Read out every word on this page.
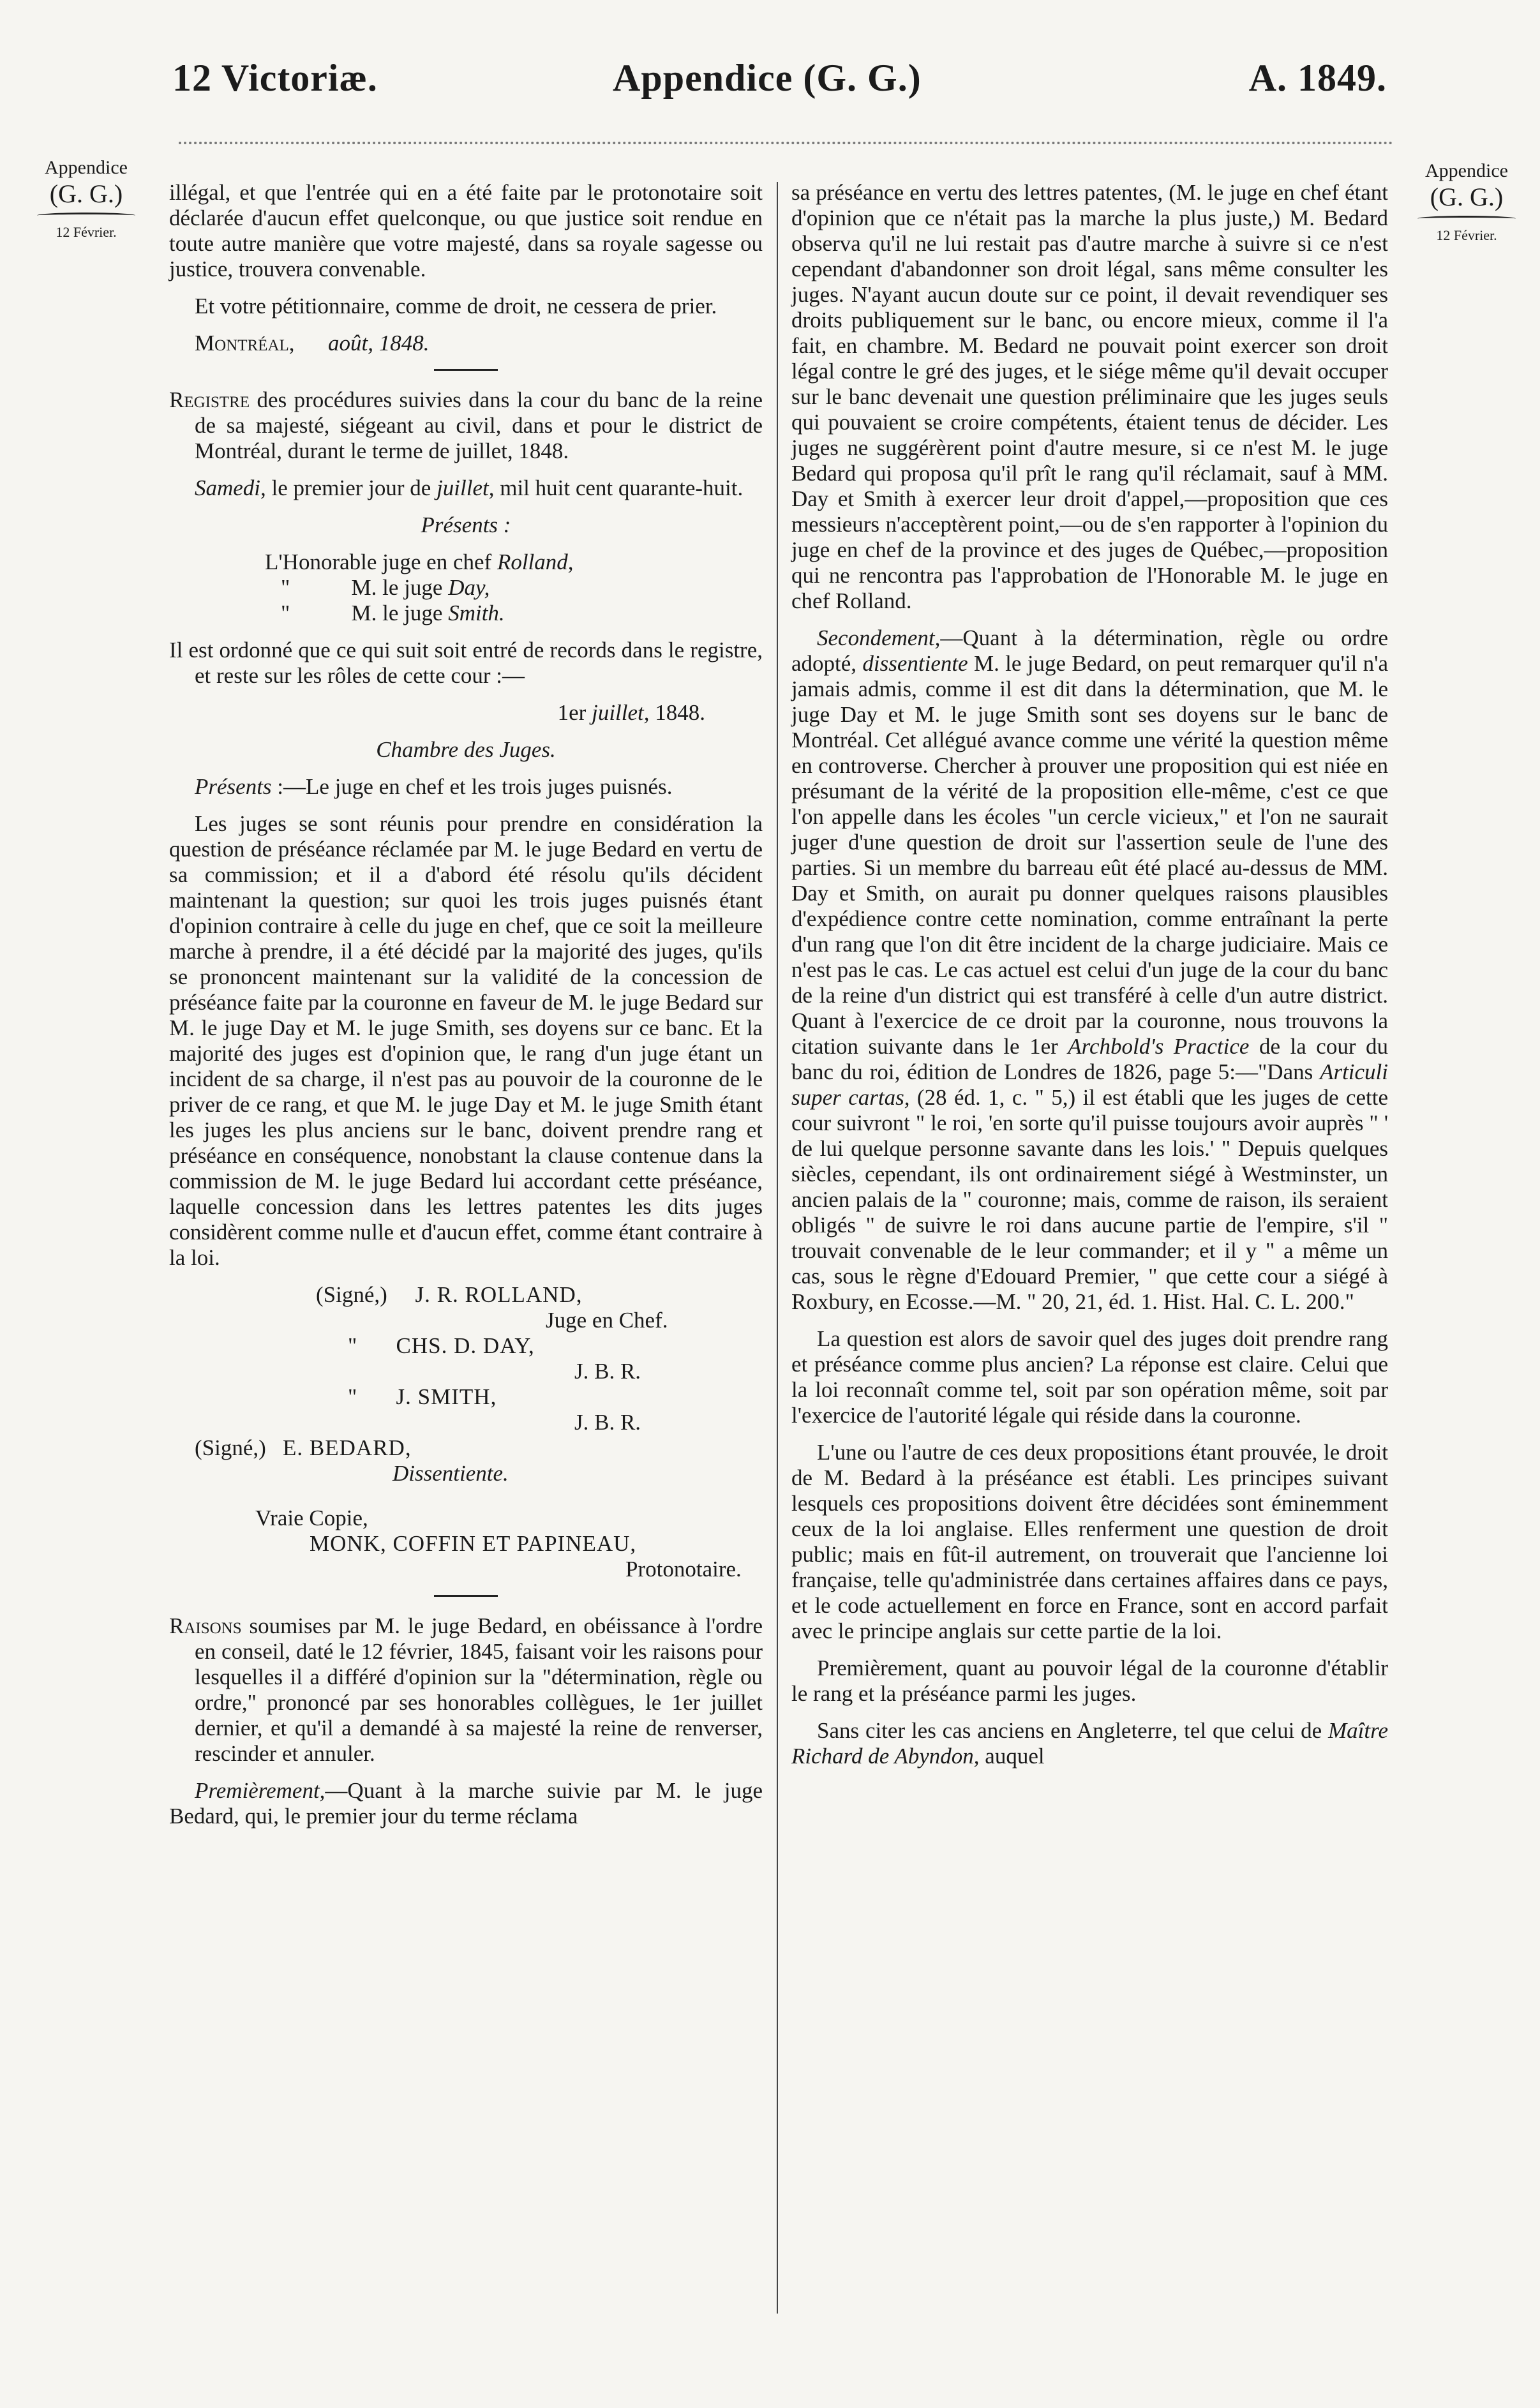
12 Victoriæ.	Appendice (G. G.)	A. 1849.
Appendice
(G. G.)
12 Février.
Appendice
(G. G.)
12 Février.

illégal, et que l'entrée qui en a été faite par le protonotaire soit déclarée d'aucun effet quelconque, ou que justice soit rendue en toute autre manière que votre majesté, dans sa royale sagesse ou justice, trouvera convenable.

Et votre pétitionnaire, comme de droit, ne cessera de prier.

Montréal, août, 1848.

Registre des procédures suivies dans la cour du banc de la reine de sa majesté, siégeant au civil, dans et pour le district de Montréal, durant le terme de juillet, 1848.

Samedi, le premier jour de juillet, mil huit cent quarante-huit.

Présents :

L'Honorable juge en chef Rolland,

"           M. le juge Day,

"           M. le juge Smith.

Il est ordonné que ce qui suit soit entré de records dans le registre, et reste sur les rôles de cette cour :—

1er juillet, 1848.

Chambre des Juges.

Présents :—Le juge en chef et les trois juges puisnés.

Les juges se sont réunis pour prendre en considération la question de préséance réclamée par M. le juge Bedard en vertu de sa commission; et il a d'abord été résolu qu'ils décident maintenant la question; sur quoi les trois juges puisnés étant d'opinion contraire à celle du juge en chef, que ce soit la meilleure marche à prendre, il a été décidé par la majorité des juges, qu'ils se prononcent maintenant sur la validité de la concession de préséance faite par la couronne en faveur de M. le juge Bedard sur M. le juge Day et M. le juge Smith, ses doyens sur ce banc. Et la majorité des juges est d'opinion que, le rang d'un juge étant un incident de sa charge, il n'est pas au pouvoir de la couronne de le priver de ce rang, et que M. le juge Day et M. le juge Smith étant les juges les plus anciens sur le banc, doivent prendre rang et préséance en conséquence, nonobstant la clause contenue dans la commission de M. le juge Bedard lui accordant cette préséance, laquelle concession dans les lettres patentes les dits juges considèrent comme nulle et d'aucun effet, comme étant contraire à la loi.

(Signé,) J. R. ROLLAND,
Juge en Chef.
" CHS. D. DAY,
J. B. R.
" J. SMITH,
J. B. R.
(Signé,) E. BEDARD,
Dissentiente.
Vraie Copie,
MONK, COFFIN ET PAPINEAU,
Protonotaire.

Raisons soumises par M. le juge Bedard, en obéissance à l'ordre en conseil, daté le 12 février, 1845, faisant voir les raisons pour lesquelles il a différé d'opinion sur la "détermination, règle ou ordre," prononcé par ses honorables collègues, le 1er juillet dernier, et qu'il a demandé à sa majesté la reine de renverser, rescinder et annuler.

Premièrement,—Quant à la marche suivie par M. le juge Bedard, qui, le premier jour du terme réclama

sa préséance en vertu des lettres patentes, (M. le juge en chef étant d'opinion que ce n'était pas la marche la plus juste,) M. Bedard observa qu'il ne lui restait pas d'autre marche à suivre si ce n'est cependant d'abandonner son droit légal, sans même consulter les juges. N'ayant aucun doute sur ce point, il devait revendiquer ses droits publiquement sur le banc, ou encore mieux, comme il l'a fait, en chambre. M. Bedard ne pouvait point exercer son droit légal contre le gré des juges, et le siége même qu'il devait occuper sur le banc devenait une question préliminaire que les juges seuls qui pouvaient se croire compétents, étaient tenus de décider. Les juges ne suggérèrent point d'autre mesure, si ce n'est M. le juge Bedard qui proposa qu'il prît le rang qu'il réclamait, sauf à MM. Day et Smith à exercer leur droit d'appel,—proposition que ces messieurs n'acceptèrent point,—ou de s'en rapporter à l'opinion du juge en chef de la province et des juges de Québec,—proposition qui ne rencontra pas l'approbation de l'Honorable M. le juge en chef Rolland.

Secondement,—Quant à la détermination, règle ou ordre adopté, dissentiente M. le juge Bedard, on peut remarquer qu'il n'a jamais admis, comme il est dit dans la détermination, que M. le juge Day et M. le juge Smith sont ses doyens sur le banc de Montréal. Cet allégué avance comme une vérité la question même en controverse. Chercher à prouver une proposition qui est niée en présumant de la vérité de la proposition elle-même, c'est ce que l'on appelle dans les écoles "un cercle vicieux," et l'on ne saurait juger d'une question de droit sur l'assertion seule de l'une des parties. Si un membre du barreau eût été placé au-dessus de MM. Day et Smith, on aurait pu donner quelques raisons plausibles d'expédience contre cette nomination, comme entraînant la perte d'un rang que l'on dit être incident de la charge judiciaire. Mais ce n'est pas le cas. Le cas actuel est celui d'un juge de la cour du banc de la reine d'un district qui est transféré à celle d'un autre district. Quant à l'exercice de ce droit par la couronne, nous trouvons la citation suivante dans le 1er Archbold's Practice de la cour du banc du roi, édition de Londres de 1826, page 5:—"Dans Articuli super cartas, (28 éd. 1, c. " 5,) il est établi que les juges de cette cour suivront " le roi, 'en sorte qu'il puisse toujours avoir auprès " ' de lui quelque personne savante dans les lois.' " Depuis quelques siècles, cependant, ils ont ordinairement siégé à Westminster, un ancien palais de la " couronne; mais, comme de raison, ils seraient obligés " de suivre le roi dans aucune partie de l'empire, s'il " trouvait convenable de le leur commander; et il y " a même un cas, sous le règne d'Edouard Premier, " que cette cour a siégé à Roxbury, en Ecosse.—M. " 20, 21, éd. 1. Hist. Hal. C. L. 200."

La question est alors de savoir quel des juges doit prendre rang et préséance comme plus ancien? La réponse est claire. Celui que la loi reconnaît comme tel, soit par son opération même, soit par l'exercice de l'autorité légale qui réside dans la couronne.

L'une ou l'autre de ces deux propositions étant prouvée, le droit de M. Bedard à la préséance est établi. Les principes suivant lesquels ces propositions doivent être décidées sont éminemment ceux de la loi anglaise. Elles renferment une question de droit public; mais en fût-il autrement, on trouverait que l'ancienne loi française, telle qu'administrée dans certaines affaires dans ce pays, et le code actuellement en force en France, sont en accord parfait avec le principe anglais sur cette partie de la loi.

Premièrement, quant au pouvoir légal de la couronne d'établir le rang et la préséance parmi les juges.

Sans citer les cas anciens en Angleterre, tel que celui de Maître Richard de Abyndon, auquel
